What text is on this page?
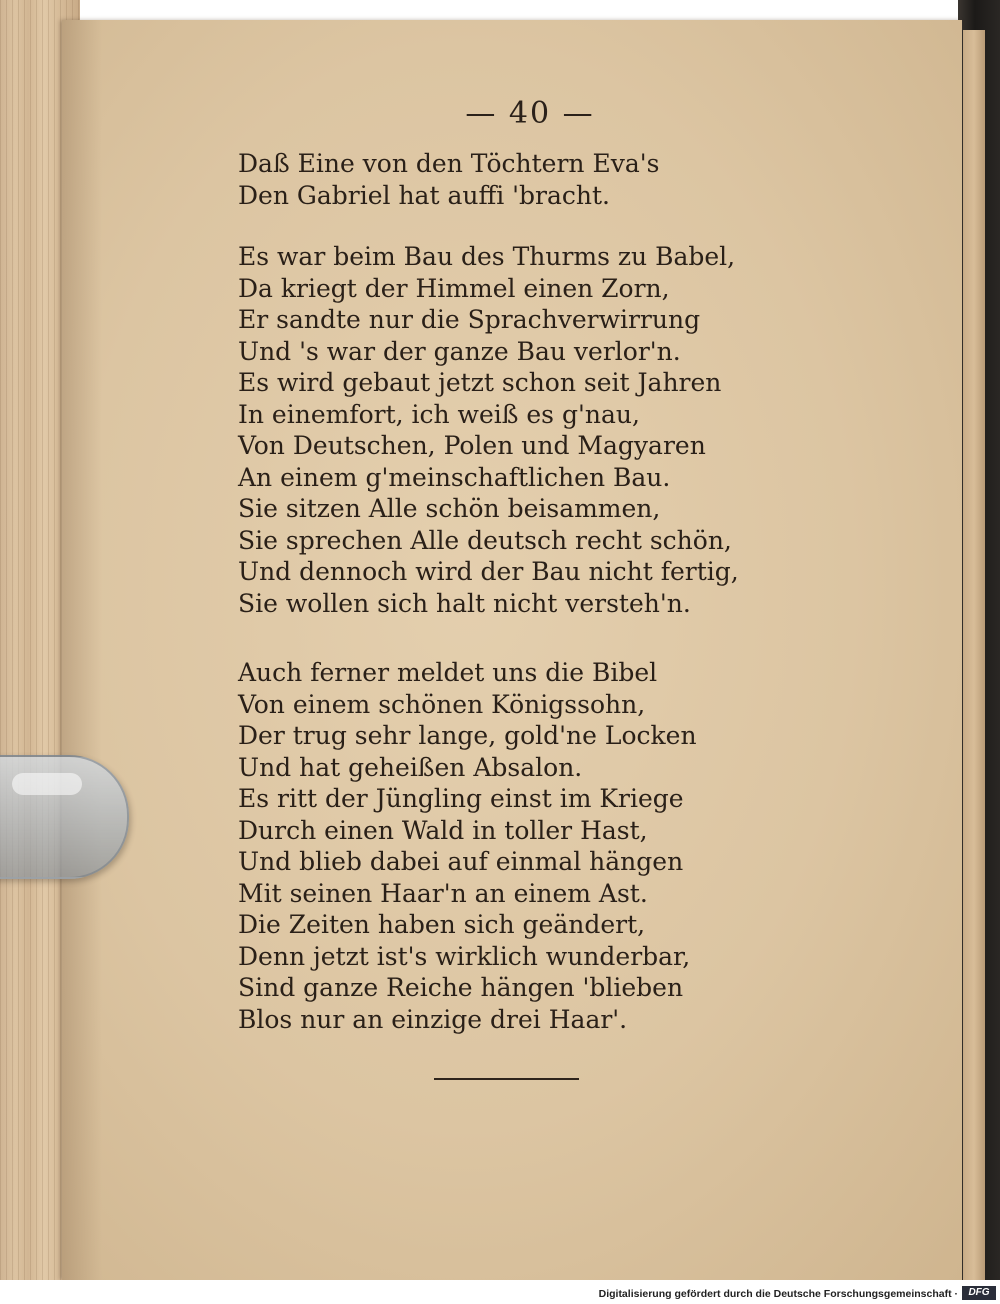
— 40 —
Daß Eine von den Töchtern Eva's
Den Gabriel hat auffi 'bracht.
Es war beim Bau des Thurms zu Babel,
Da kriegt der Himmel einen Zorn,
Er sandte nur die Sprachverwirrung
Und 's war der ganze Bau verlor'n.
Es wird gebaut jetzt schon seit Jahren
In einemfort, ich weiß es g'nau,
Von Deutschen, Polen und Magyaren
An einem g'meinschaftlichen Bau.
Sie sitzen Alle schön beisammen,
Sie sprechen Alle deutsch recht schön,
Und dennoch wird der Bau nicht fertig,
Sie wollen sich halt nicht versteh'n.
Auch ferner meldet uns die Bibel
Von einem schönen Königssohn,
Der trug sehr lange, gold'ne Locken
Und hat geheißen Absalon.
Es ritt der Jüngling einst im Kriege
Durch einen Wald in toller Hast,
Und blieb dabei auf einmal hängen
Mit seinen Haar'n an einem Ast.
Die Zeiten haben sich geändert,
Denn jetzt ist's wirklich wunderbar,
Sind ganze Reiche hängen 'blieben
Blos nur an einzige drei Haar'.
Digitalisierung gefördert durch die Deutsche Forschungsgemeinschaft ·	DFG
